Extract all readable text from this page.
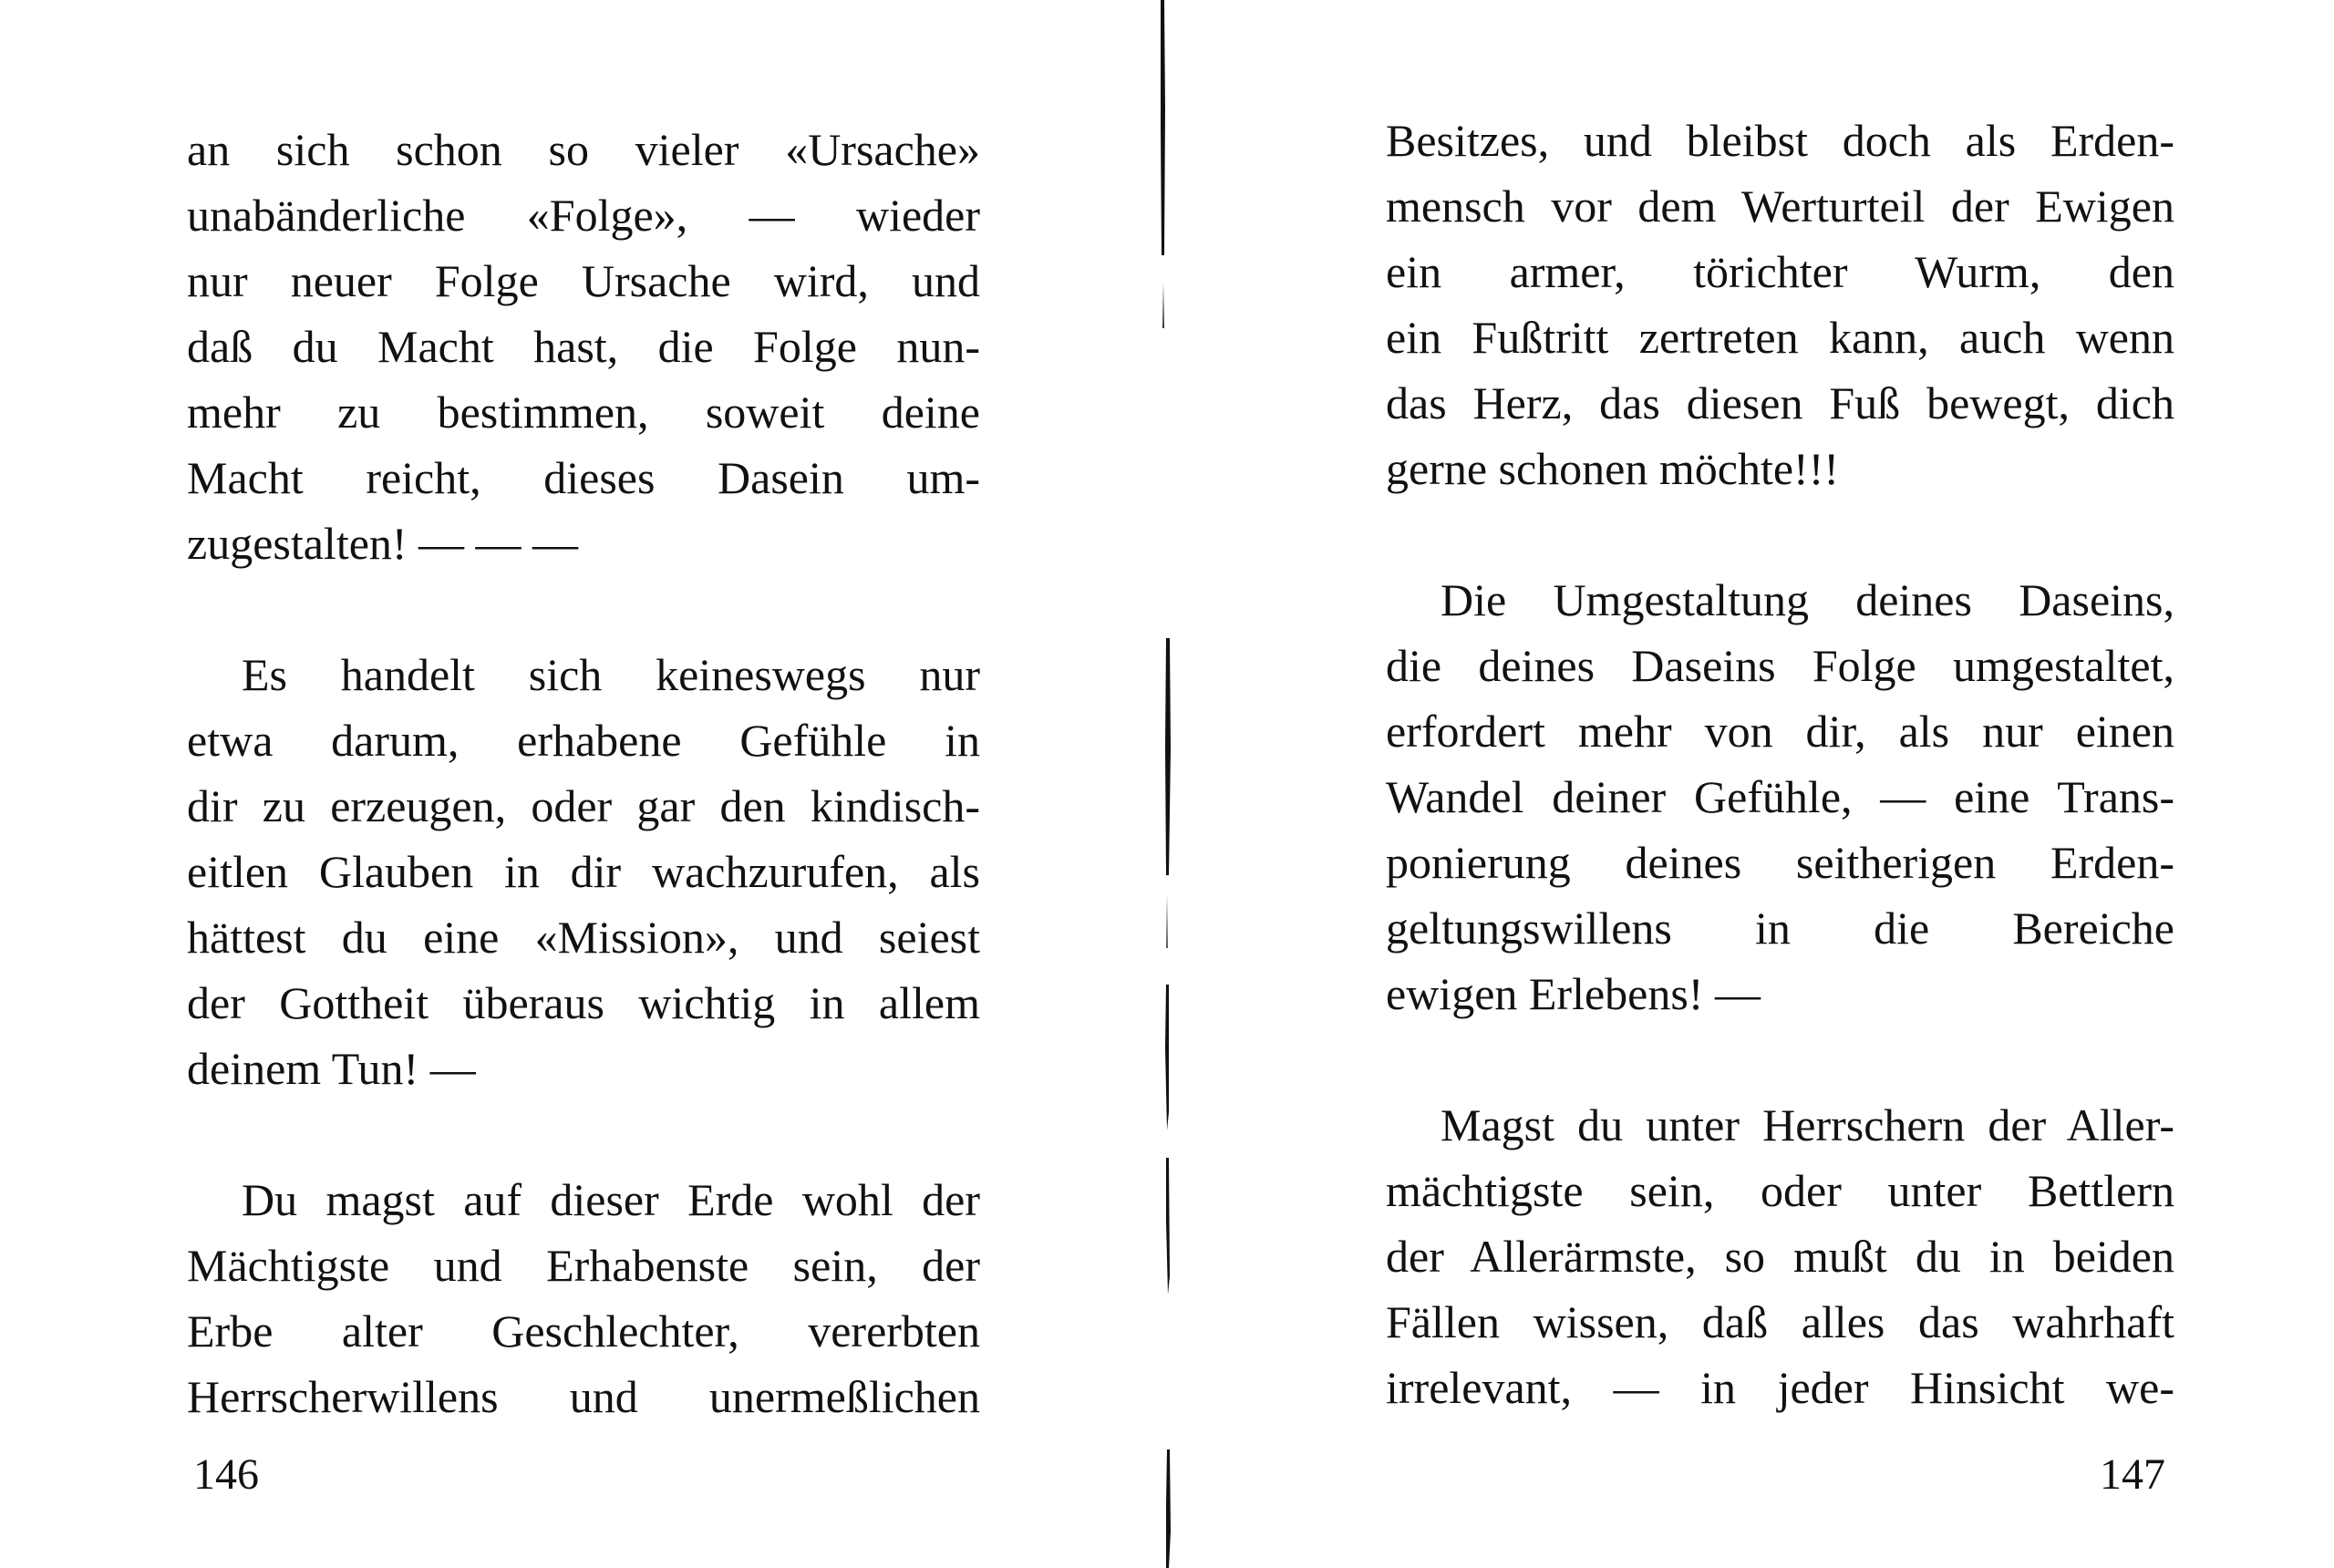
an sich schon so vieler «Ursache»
unabänderliche «Folge», — wieder
nur neuer Folge Ursache wird, und
daß du Macht hast, die Folge nun-
mehr zu bestimmen, soweit deine
Macht reicht, dieses Dasein um-
zugestalten! — — —

Es handelt sich keineswegs nur
etwa darum, erhabene Gefühle in
dir zu erzeugen, oder gar den kindisch-
eitlen Glauben in dir wachzurufen, als
hättest du eine «Mission», und seiest
der Gottheit überaus wichtig in allem
deinem Tun! —

Du magst auf dieser Erde wohl der
Mächtigste und Erhabenste sein, der
Erbe alter Geschlechter, vererbten
Herrscherwillens und unermeßlichen

146

Besitzes, und bleibst doch als Erden-
mensch vor dem Werturteil der Ewigen
ein armer, törichter Wurm, den
ein Fußtritt zertreten kann, auch wenn
das Herz, das diesen Fuß bewegt, dich
gerne schonen möchte!!!

Die Umgestaltung deines Daseins,
die deines Daseins Folge umgestaltet,
erfordert mehr von dir, als nur einen
Wandel deiner Gefühle, — eine Trans-
ponierung deines seitherigen Erden-
geltungswillens in die Bereiche
ewigen Erlebens! —

Magst du unter Herrschern der Aller-
mächtigste sein, oder unter Bettlern
der Allerärmste, so mußt du in beiden
Fällen wissen, daß alles das wahrhaft
irrelevant, — in jeder Hinsicht we-

147
